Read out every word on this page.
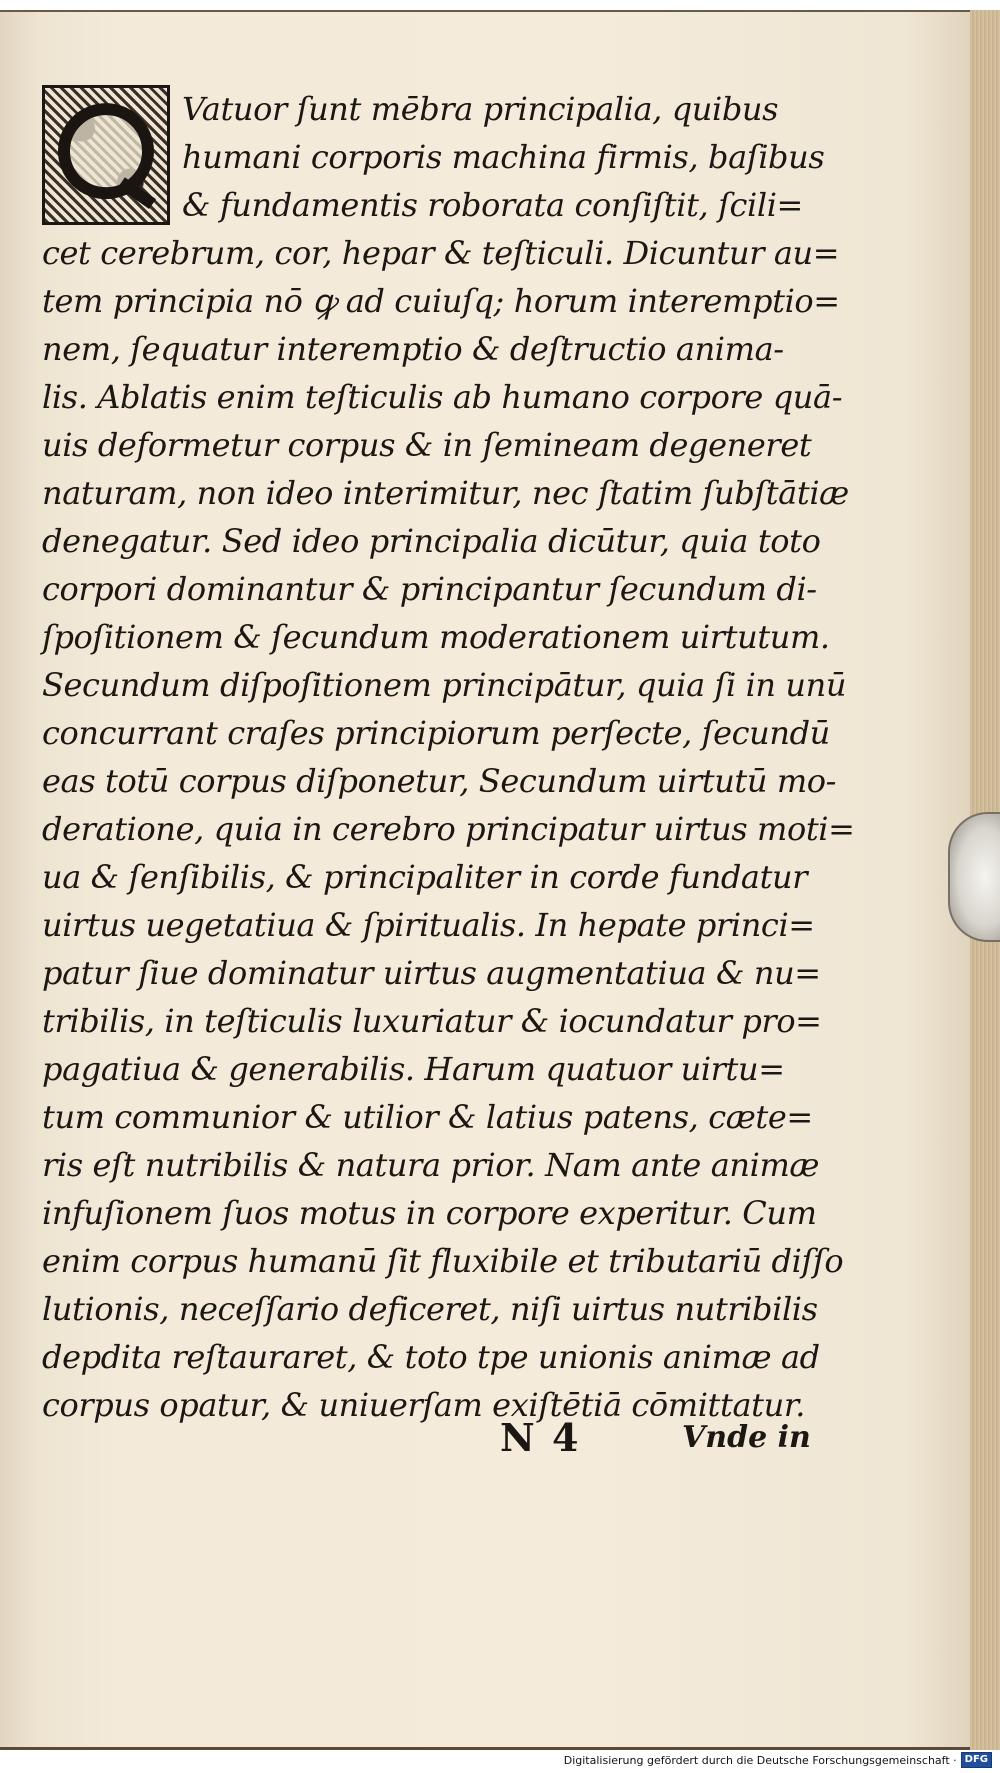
Vatuor ſunt mēbra principalia, quibus
humani corporis machina firmis, baſibus
& fundamentis roborata conſiſtit, ſcili=
cet cerebrum, cor, hepar & teſticuli. Dicuntur au=
tem principia nō ꝙ ad cuiuſq; horum interemptio=
nem, ſequatur interemptio & deſtructio anima-
lis. Ablatis enim teſticulis ab humano corpore quā-
uis deformetur corpus & in ſemineam degeneret
naturam, non ideo interimitur, nec ſtatim ſubſtātiæ
denegatur. Sed ideo principalia dicūtur, quia toto
corpori dominantur & principantur ſecundum di-
ſpoſitionem & ſecundum moderationem uirtutum.
Secundum diſpoſitionem principātur, quia ſi in unū
concurrant craſes principiorum perſecte, ſecundū
eas totū corpus diſponetur, Secundum uirtutū mo-
deratione, quia in cerebro principatur uirtus moti=
ua & ſenſibilis, & principaliter in corde fundatur
uirtus uegetatiua & ſpiritualis. In hepate princi=
patur ſiue dominatur uirtus augmentatiua & nu=
tribilis, in teſticulis luxuriatur & iocundatur pro=
pagatiua & generabilis. Harum quatuor uirtu=
tum communior & utilior & latius patens, cæte=
ris eſt nutribilis & natura prior. Nam ante animæ
infuſionem ſuos motus in corpore experitur. Cum
enim corpus humanū ſit fluxibile et tributariū diſſo
lutionis, neceſſario deficeret, niſi uirtus nutribilis
depdita reſtauraret, & toto tpe unionis animæ ad
corpus opatur, & uniuerſam exiſtētiā cōmittatur.
N 4	Vnde in
Digitalisierung gefördert durch die Deutsche Forschungsgemeinschaft · DFG
